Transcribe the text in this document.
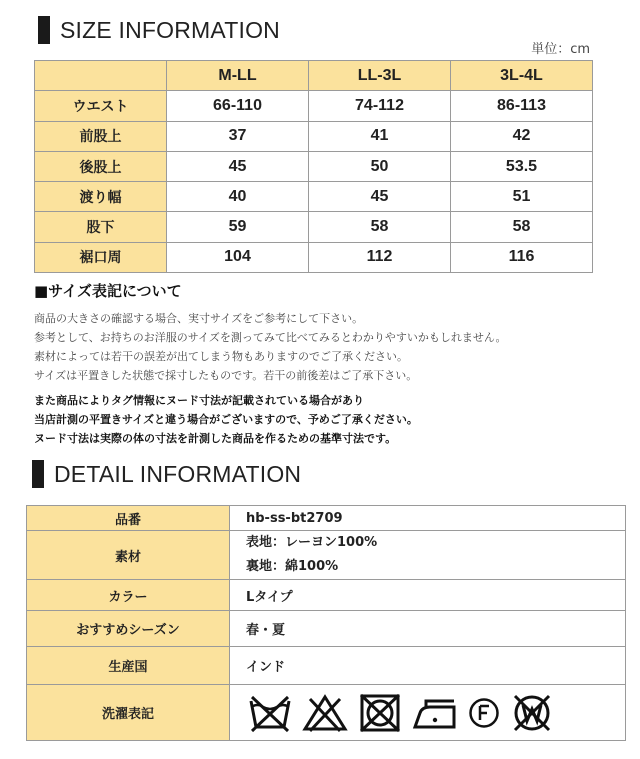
SIZE INFORMATION
単位：cm
	M-LL	LL-3L	3L-4L
ウエスト	66-110	74-112	86-113
前股上	37	41	42
後股上	45	50	53.5
渡り幅	40	45	51
股下	59	58	58
裾口周	104	112	116
■サイズ表記について
商品の大きさの確認する場合、実寸サイズをご参考にして下さい。
参考として、お持ちのお洋服のサイズを測ってみて比べてみるとわかりやすいかもしれません。
素材によっては若干の誤差が出てしまう物もありますのでご了承ください。
サイズは平置きした状態で採寸したものです。若干の前後差はご了承下さい。
また商品によりタグ情報にヌード寸法が記載されている場合があり
当店計測の平置きサイズと違う場合がございますので、予めご了承ください。
ヌード寸法は実際の体の寸法を計測した商品を作るための基準寸法です。
DETAIL INFORMATION
品番	hb-ss-bt2709
素材	表地：レーヨン100%
裏地：綿100%

カラー	Lタイプ
おすすめシーズン	春・夏
生産国	インド
洗濯表記	
